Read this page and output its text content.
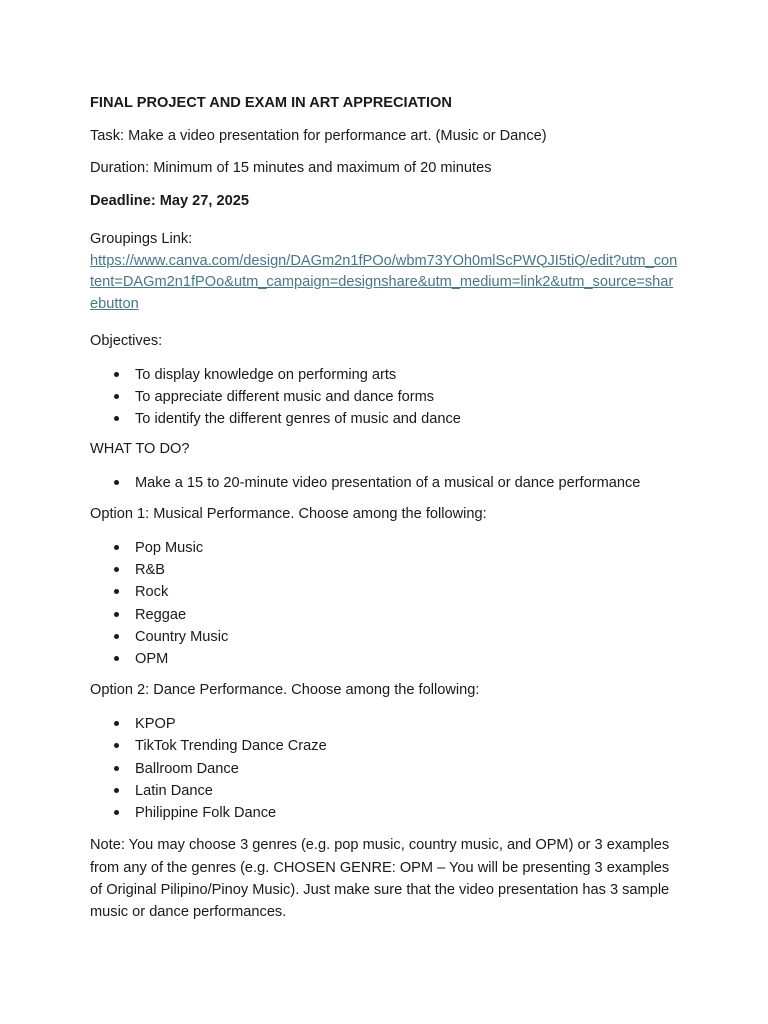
FINAL PROJECT AND EXAM IN ART APPRECIATION

Task: Make a video presentation for performance art. (Music or Dance)

Duration: Minimum of 15 minutes and maximum of 20 minutes

Deadline: May 27, 2025

Groupings Link:

https://www.canva.com/design/DAGm2n1fPOo/wbm73YOh0mlScPWQJI5tiQ/edit?utm_content=DAGm2n1fPOo&utm_campaign=designshare&utm_medium=link2&utm_source=sharebutton

Objectives:

To display knowledge on performing arts
To appreciate different music and dance forms
To identify the different genres of music and dance

WHAT TO DO?

Make a 15 to 20-minute video presentation of a musical or dance performance

Option 1: Musical Performance. Choose among the following:

Pop Music
R&B
Rock
Reggae
Country Music
OPM

Option 2: Dance Performance. Choose among the following:

KPOP
TikTok Trending Dance Craze
Ballroom Dance
Latin Dance
Philippine Folk Dance

Note: You may choose 3 genres (e.g. pop music, country music, and OPM) or 3 examples from any of the genres (e.g. CHOSEN GENRE: OPM – You will be presenting 3 examples of Original Pilipino/Pinoy Music). Just make sure that the video presentation has 3 sample music or dance performances.
